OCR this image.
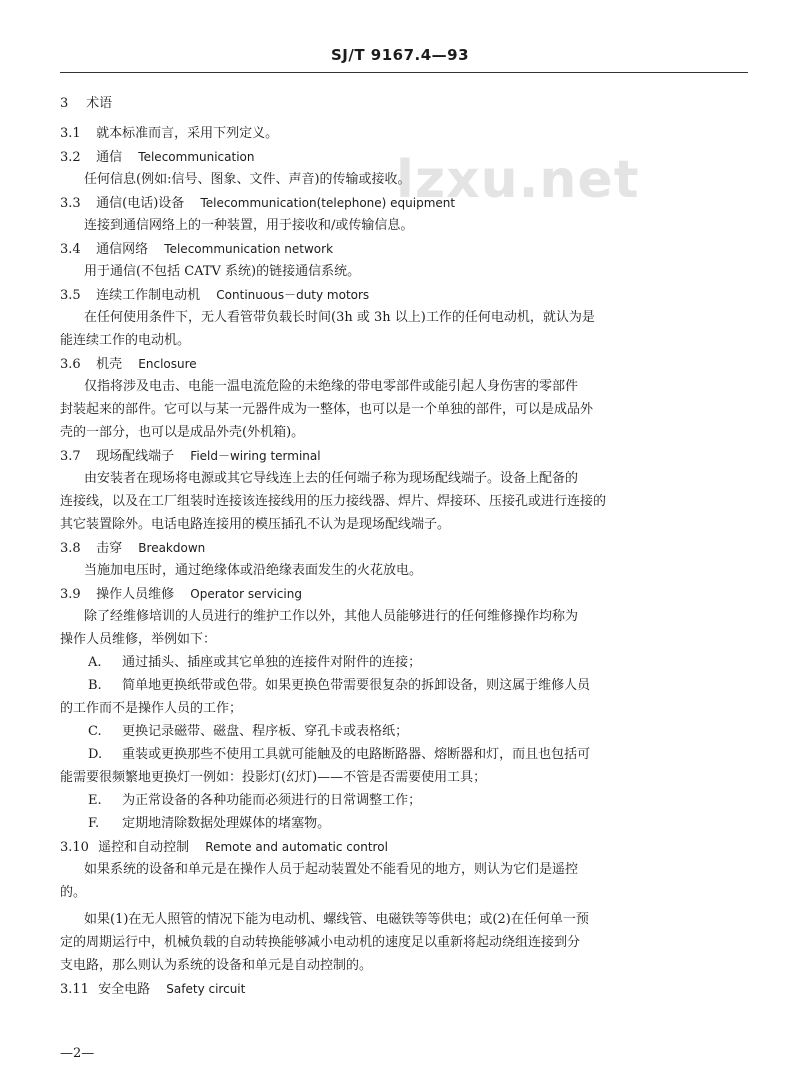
SJ/T 9167.4—93
lzxu.net
3 术语
3.1 就本标准而言，采用下列定义。
3.2 通信 Telecommunication
任何信息(例如:信号、图象、文件、声音)的传输或接收。
3.3 通信(电话)设备 Telecommunication(telephone) equipment
连接到通信网络上的一种装置，用于接收和/或传输信息。
3.4 通信网络 Telecommunication network
用于通信(不包括 CATV 系统)的链接通信系统。
3.5 连续工作制电动机 Continuous－duty motors
在任何使用条件下，无人看管带负载长时间(3h 或 3h 以上)工作的任何电动机，就认为是
能连续工作的电动机。
3.6 机壳 Enclosure
仅指将涉及电击、电能一温电流危险的未绝缘的带电零部件或能引起人身伤害的零部件
封装起来的部件。它可以与某一元器件成为一整体，也可以是一个单独的部件，可以是成品外
壳的一部分，也可以是成品外壳(外机箱)。
3.7 现场配线端子 Field－wiring terminal
由安装者在现场将电源或其它导线连上去的任何端子称为现场配线端子。设备上配备的
连接线，以及在工厂组装时连接该连接线用的压力接线器、焊片、焊接环、压接孔或进行连接的
其它装置除外。电话电路连接用的模压插孔不认为是现场配线端子。
3.8 击穿 Breakdown
当施加电压时，通过绝缘体或沿绝缘表面发生的火花放电。
3.9 操作人员维修 Operator servicing
除了经维修培训的人员进行的维护工作以外，其他人员能够进行的任何维修操作均称为
操作人员维修，举例如下：
A. 通过插头、插座或其它单独的连接件对附件的连接；
B. 简单地更换纸带或色带。如果更换色带需要很复杂的拆卸设备，则这属于维修人员
的工作而不是操作人员的工作；
C. 更换记录磁带、磁盘、程序板、穿孔卡或表格纸；
D. 重装或更换那些不使用工具就可能触及的电路断路器、熔断器和灯，而且也包括可
能需要很频繁地更换灯一例如：投影灯(幻灯)——不管是否需要使用工具；
E. 为正常设备的各种功能而必须进行的日常调整工作；
F. 定期地清除数据处理媒体的堵塞物。
3.10 遥控和自动控制 Remote and automatic control
如果系统的设备和单元是在操作人员于起动装置处不能看见的地方，则认为它们是遥控
的。
如果(1)在无人照管的情况下能为电动机、螺线管、电磁铁等等供电；或(2)在任何单一预
定的周期运行中，机械负载的自动转换能够减小电动机的速度足以重新将起动绕组连接到分
支电路，那么则认为系统的设备和单元是自动控制的。
3.11 安全电路 Safety circuit
—2—
